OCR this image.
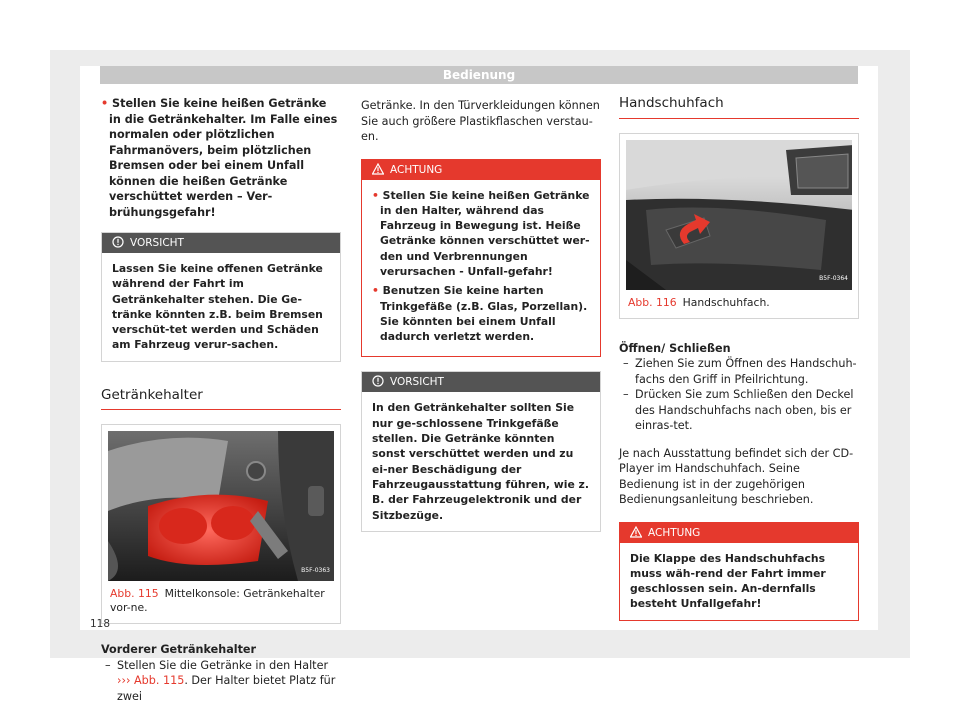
Bedienung
• Stellen Sie keine heißen Getränke in die Getränkehalter. Im Falle eines normalen oder plötzlichen Fahrmanövers, beim plötzlichen Bremsen oder bei einem Unfall können die heißen Getränke verschüttet werden – Ver-brühungsgefahr!
VORSICHT
Lassen Sie keine offenen Getränke während der Fahrt im Getränkehalter stehen. Die Ge-tränke könnten z.B. beim Bremsen verschüt-tet werden und Schäden am Fahrzeug verur-sachen.
Getränkehalter
B5F-0363
Abb. 115 Mittelkonsole: Getränkehalter vor-ne.
Vorderer Getränkehalter

– Stellen Sie die Getränke in den Halter
››› Abb. 115. Der Halter bietet Platz für zwei

Getränke. In den Türverkleidungen können Sie auch größere Plastikflaschen verstau-en.

ACHTUNG

• Stellen Sie keine heißen Getränke in den Halter, während das Fahrzeug in Bewegung ist. Heiße Getränke können verschüttet wer-den und Verbrennungen verursachen - Unfall-gefahr!

• Benutzen Sie keine harten Trinkgefäße (z.B. Glas, Porzellan). Sie könnten bei einem Unfall dadurch verletzt werden.

VORSICHT
In den Getränkehalter sollten Sie nur ge-schlossene Trinkgefäße stellen. Die Getränke könnten sonst verschüttet werden und zu ei-ner Beschädigung der Fahrzeugausstattung führen, wie z. B. der Fahrzeugelektronik und der Sitzbezüge.
Handschuhfach
B5F-0364
Abb. 116 Handschuhfach.
Öffnen/ Schließen

– Ziehen Sie zum Öffnen des Handschuh-fachs den Griff in Pfeilrichtung.

– Drücken Sie zum Schließen den Deckel des Handschuhfachs nach oben, bis er einras-tet.

Je nach Ausstattung befindet sich der CD-Player im Handschuhfach. Seine Bedienung ist in der zugehörigen Bedienungsanleitung beschrieben.

ACHTUNG
Die Klappe des Handschuhfachs muss wäh-rend der Fahrt immer geschlossen sein. An-dernfalls besteht Unfallgefahr!
118
